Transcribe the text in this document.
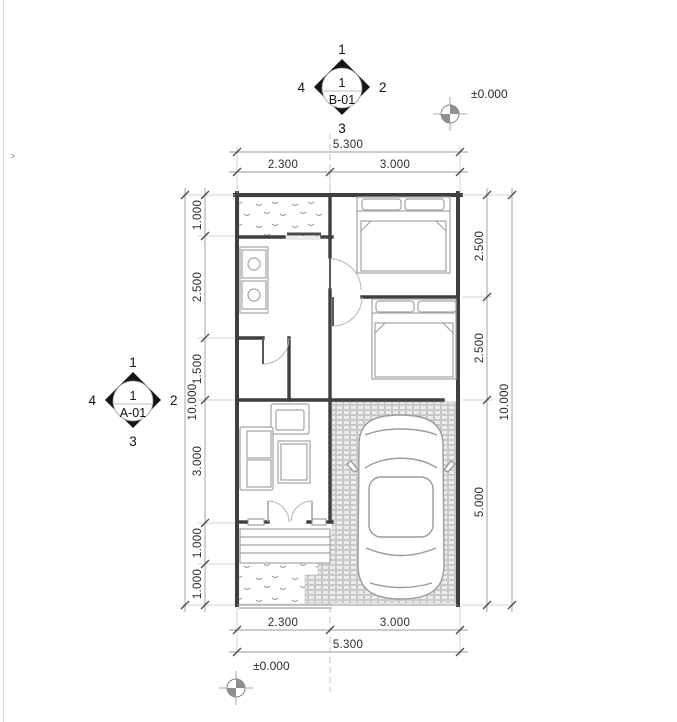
>
5.300
2.300	3.000
2.300	3.000
5.300
1.000
2.500
1.500
3.000
1.000
1.000
10.000
2.500
2.500
5.000
10.000
1
B-01
1
2
3
4
1
A-01
1
2
3
4
±0.000
±0.000
